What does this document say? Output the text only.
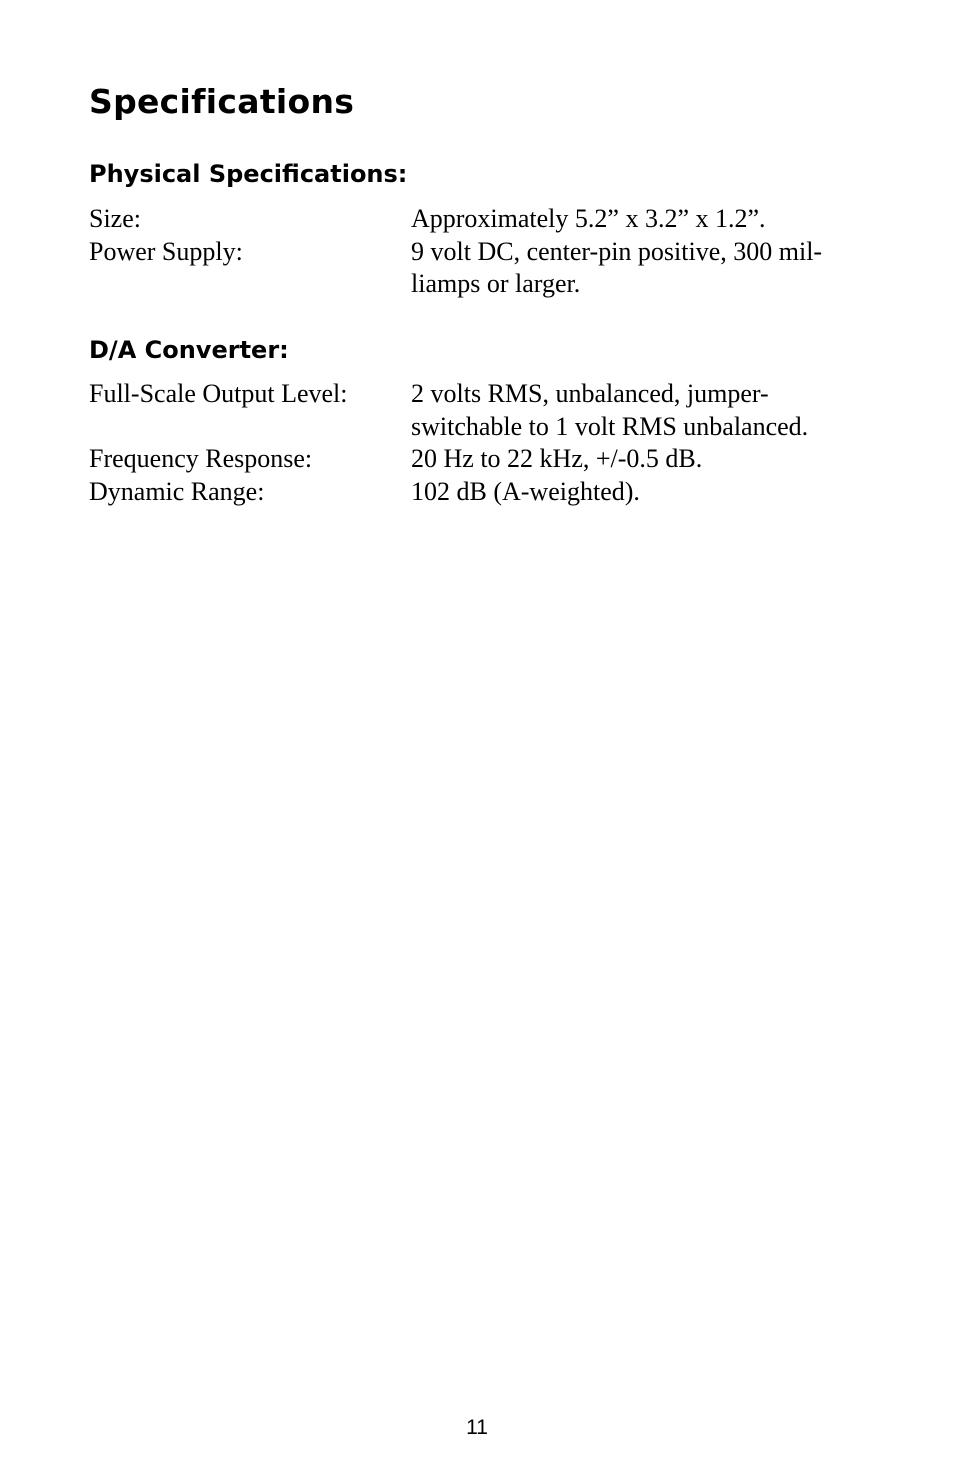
Specifications
Physical Specifications:
Size:	Approximately 5.2” x 3.2” x 1.2”.
Power Supply:	9 volt DC, center-pin positive, 300 mil-
liamps or larger.
D/A Converter:
Full-Scale Output Level:	2 volts RMS, unbalanced, jumper-
switchable to 1 volt RMS unbalanced.
Frequency Response:	20 Hz to 22 kHz, +/-0.5 dB.
Dynamic Range:	102 dB (A-weighted).
11
